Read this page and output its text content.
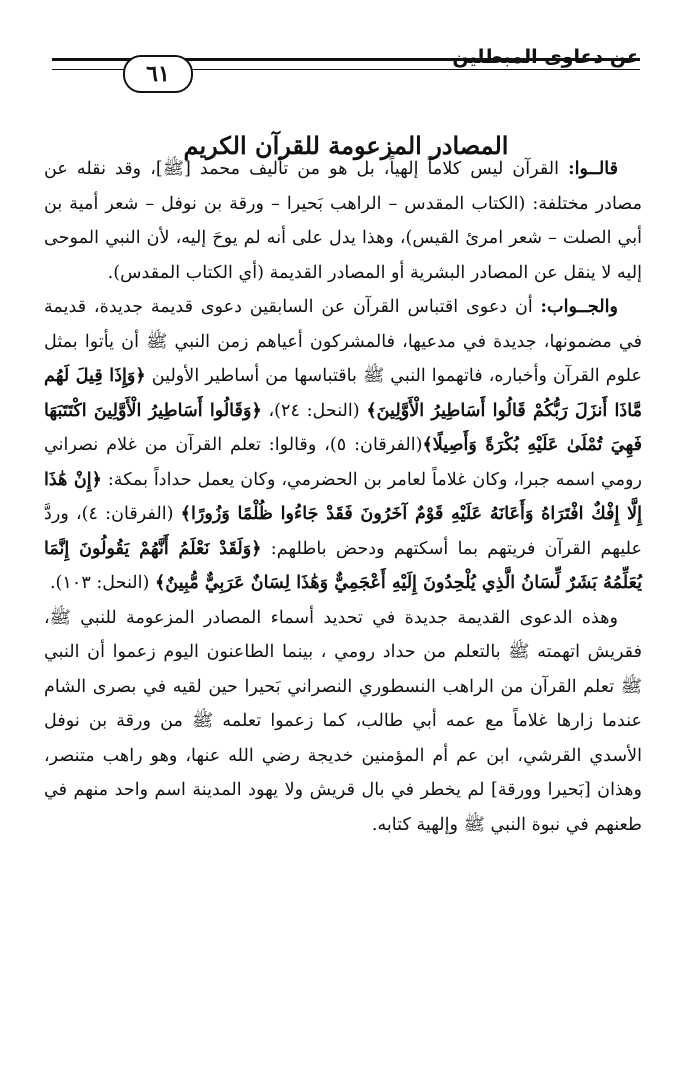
عن دعاوى المبطلين
٦١
المصادر المزعومة للقرآن الكريم

قالــوا: القرآن ليس كلاماً إلهياً، بل هو من تأليف محمد [ﷺ]، وقد نقله عن مصادر مختلفة: (الكتاب المقدس – الراهب بَحيرا – ورقة بن نوفل – شعر أمية بن أبي الصلت – شعر امرئ القيس)، وهذا يدل على أنه لم يوحَ إليه، لأن النبي الموحى إليه لا ينقل عن المصادر البشرية أو المصادر القديمة (أي الكتاب المقدس).

والجــواب: أن دعوى اقتباس القرآن عن السابقين دعوى قديمة جديدة، قديمة في مضمونها، جديدة في مدعيها، فالمشركون أعياهم زمن النبي ﷺ أن يأتوا بمثل علوم القرآن وأخباره، فاتهموا النبي ﷺ باقتباسها من أساطير الأولين ﴿وَإِذَا قِيلَ لَهُم مَّاذَا أَنزَلَ رَبُّكُمْ قَالُوا أَسَاطِيرُ الْأَوَّلِينَ﴾ (النحل: ٢٤)، ﴿وَقَالُوا أَسَاطِيرُ الْأَوَّلِينَ اكْتَتَبَهَا فَهِيَ تُمْلَىٰ عَلَيْهِ بُكْرَةً وَأَصِيلًا﴾(الفرقان: ٥)، وقالوا: تعلم القرآن من غلام نصراني رومي اسمه جبرا، وكان غلاماً لعامر بن الحضرمي، وكان يعمل حداداً بمكة: ﴿إِنْ هَٰذَا إِلَّا إِفْكٌ افْتَرَاهُ وَأَعَانَهُ عَلَيْهِ قَوْمٌ آخَرُونَ فَقَدْ جَاءُوا ظُلْمًا وَزُورًا﴾ (الفرقان: ٤)، وردَّ عليهم القرآن فريتهم بما أسكتهم ودحض باطلهم: ﴿وَلَقَدْ نَعْلَمُ أَنَّهُمْ يَقُولُونَ إِنَّمَا يُعَلِّمُهُ بَشَرٌ لِّسَانُ الَّذِي يُلْحِدُونَ إِلَيْهِ أَعْجَمِيٌّ وَهَٰذَا لِسَانٌ عَرَبِيٌّ مُّبِينٌ﴾ (النحل: ١٠٣).

وهذه الدعوى القديمة جديدة في تحديد أسماء المصادر المزعومة للنبي ﷺ، فقريش اتهمته ﷺ بالتعلم من حداد رومي ، بينما الطاعنون اليوم زعموا أن النبي ﷺ تعلم القرآن من الراهب النسطوري النصراني بَحيرا حين لقيه في بصرى الشام عندما زارها غلاماً مع عمه أبي طالب، كما زعموا تعلمه ﷺ من ورقة بن نوفل الأسدي القرشي، ابن عم أم المؤمنين خديجة رضي الله عنها، وهو راهب متنصر، وهذان [بَحيرا وورقة] لم يخطر في بال قريش ولا يهود المدينة اسم واحد منهم في طعنهم في نبوة النبي ﷺ وإلهية كتابه.
